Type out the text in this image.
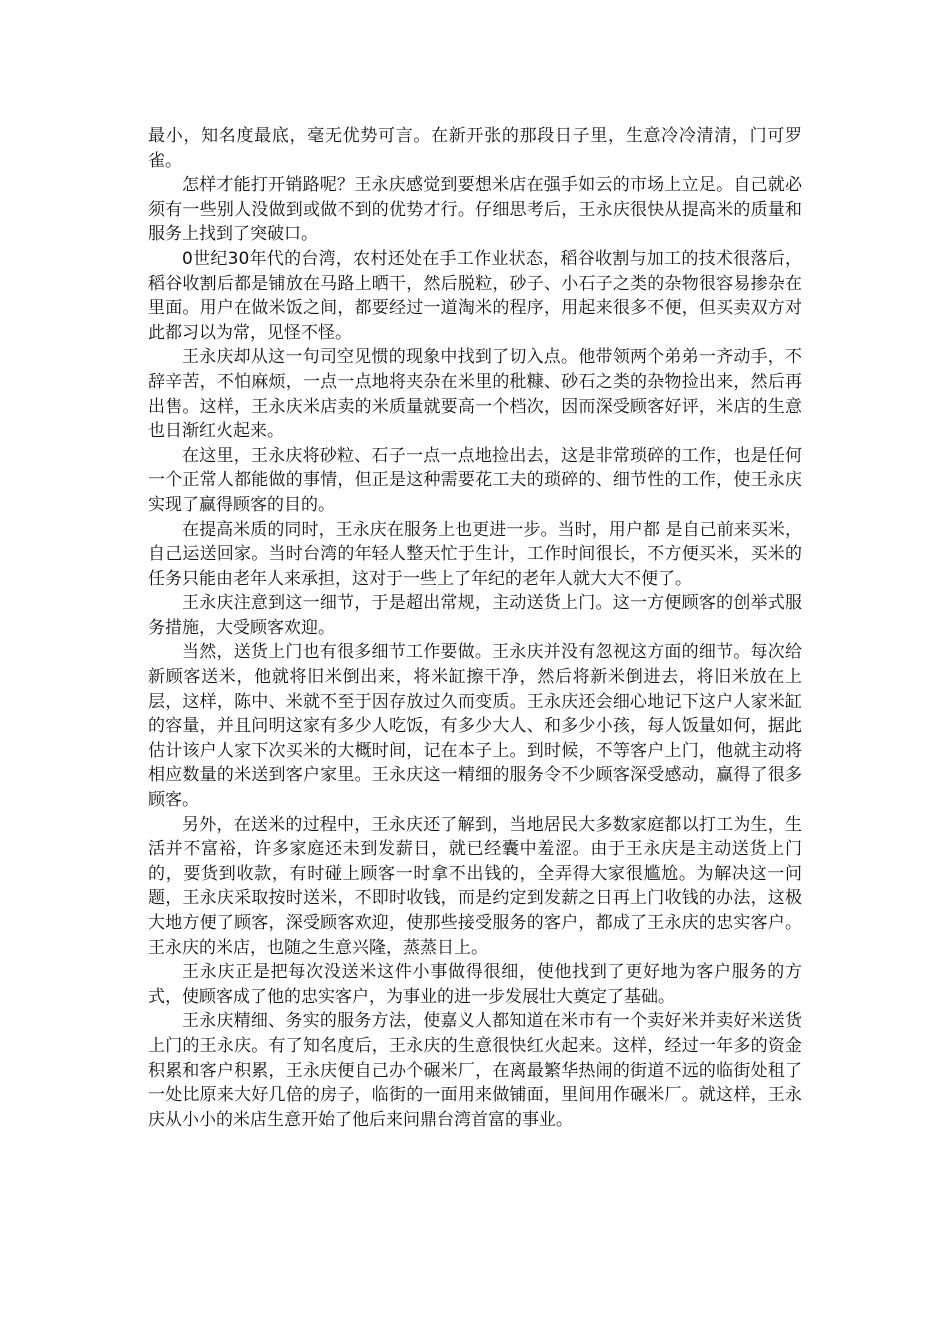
最小，知名度最底，毫无优势可言。在新开张的那段日子里，生意冷冷清清，门可罗雀。

怎样才能打开销路呢？王永庆感觉到要想米店在强手如云的市场上立足。自己就必须有一些别人没做到或做不到的优势才行。仔细思考后，王永庆很快从提高米的质量和服务上找到了突破口。

0世纪30年代的台湾，农村还处在手工作业状态，稻谷收割与加工的技术很落后，稻谷收割后都是铺放在马路上晒干，然后脱粒，砂子、小石子之类的杂物很容易掺杂在里面。用户在做米饭之间，都要经过一道淘米的程序，用起来很多不便，但买卖双方对此都习以为常，见怪不怪。

王永庆却从这一句司空见惯的现象中找到了切入点。他带领两个弟弟一齐动手，不辞辛苦，不怕麻烦，一点一点地将夹杂在米里的秕糠、砂石之类的杂物捡出来，然后再出售。这样，王永庆米店卖的米质量就要高一个档次，因而深受顾客好评，米店的生意也日渐红火起来。

在这里，王永庆将砂粒、石子一点一点地捡出去，这是非常琐碎的工作，也是任何一个正常人都能做的事情，但正是这种需要花工夫的琐碎的、细节性的工作，使王永庆实现了赢得顾客的目的。

在提高米质的同时，王永庆在服务上也更进一步。当时，用户都 是自己前来买米，自己运送回家。当时台湾的年轻人整天忙于生计，工作时间很长，不方便买米，买米的任务只能由老年人来承担，这对于一些上了年纪的老年人就大大不便了。

王永庆注意到这一细节，于是超出常规，主动送货上门。这一方便顾客的创举式服务措施，大受顾客欢迎。

当然，送货上门也有很多细节工作要做。王永庆并没有忽视这方面的细节。每次给新顾客送米，他就将旧米倒出来，将米缸擦干净，然后将新米倒进去，将旧米放在上层，这样，陈中、米就不至于因存放过久而变质。王永庆还会细心地记下这户人家米缸的容量，并且问明这家有多少人吃饭，有多少大人、和多少小孩，每人饭量如何，据此估计该户人家下次买米的大概时间，记在本子上。到时候，不等客户上门，他就主动将相应数量的米送到客户家里。王永庆这一精细的服务令不少顾客深受感动，赢得了很多顾客。

另外，在送米的过程中，王永庆还了解到，当地居民大多数家庭都以打工为生，生活并不富裕，许多家庭还未到发薪日，就已经囊中羞涩。由于王永庆是主动送货上门的，要货到收款，有时碰上顾客一时拿不出钱的，全弄得大家很尴尬。为解决这一问题，王永庆采取按时送米，不即时收钱，而是约定到发薪之日再上门收钱的办法，这极大地方便了顾客，深受顾客欢迎，使那些接受服务的客户，都成了王永庆的忠实客户。王永庆的米店，也随之生意兴隆，蒸蒸日上。

王永庆正是把每次没送米这件小事做得很细，使他找到了更好地为客户服务的方式，使顾客成了他的忠实客户，为事业的进一步发展壮大奠定了基础。

王永庆精细、务实的服务方法，使嘉义人都知道在米市有一个卖好米并卖好米送货上门的王永庆。有了知名度后，王永庆的生意很快红火起来。这样，经过一年多的资金积累和客户积累，王永庆便自己办个碾米厂，在离最繁华热闹的街道不远的临街处租了一处比原来大好几倍的房子，临街的一面用来做铺面，里间用作碾米厂。就这样，王永庆从小小的米店生意开始了他后来问鼎台湾首富的事业。
